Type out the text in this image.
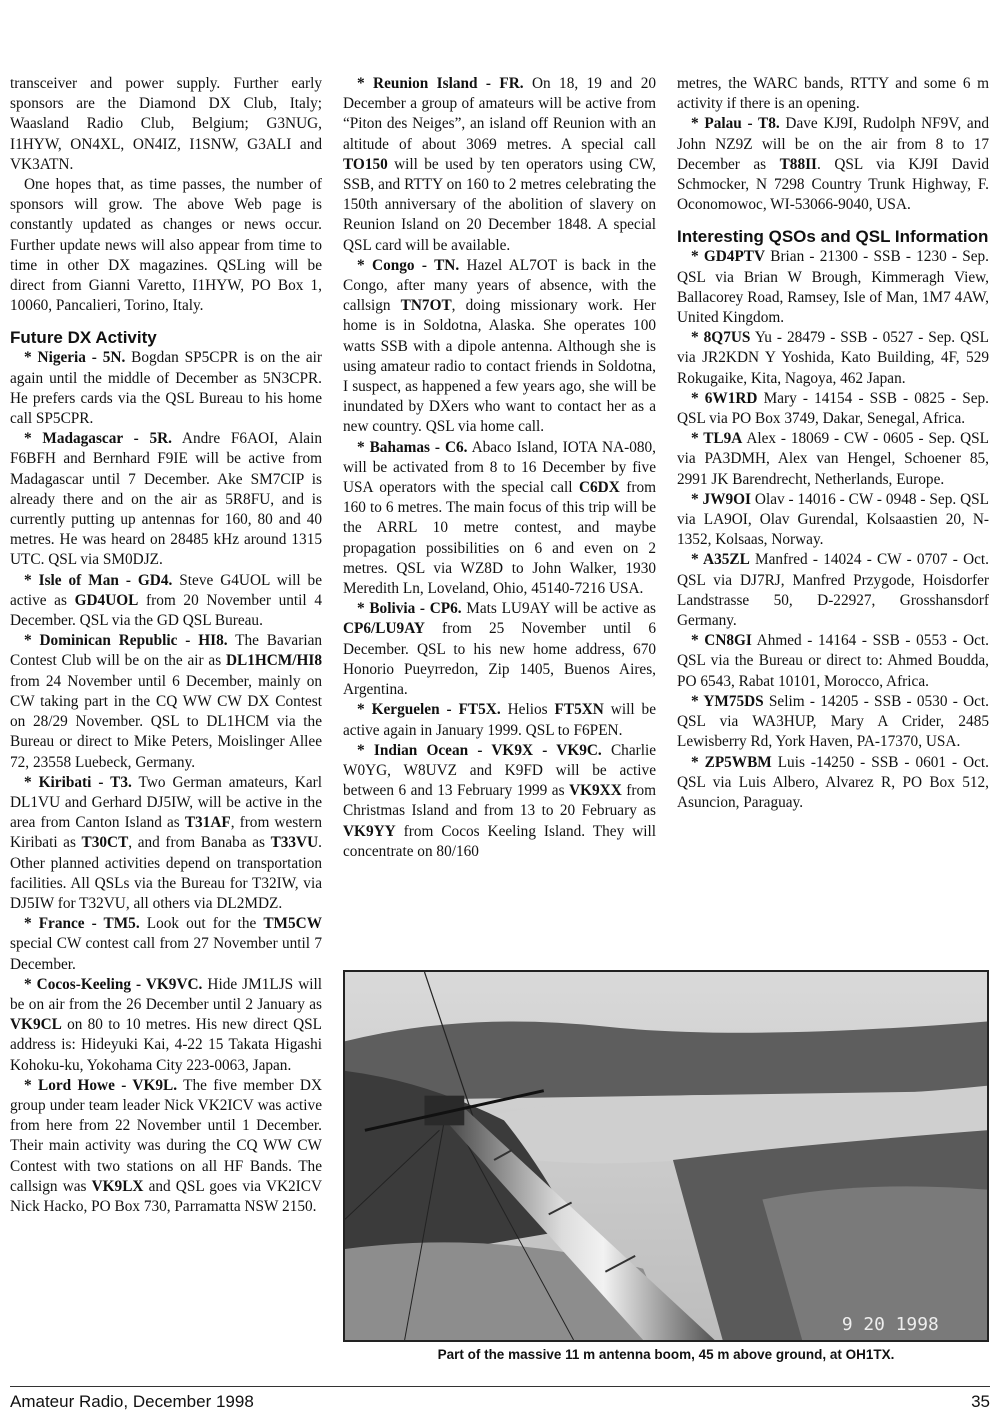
transceiver and power supply. Further early sponsors are the Diamond DX Club, Italy; Waasland Radio Club, Belgium; G3NUG, I1HYW, ON4XL, ON4IZ, I1SNW, G3ALI and VK3ATN.

One hopes that, as time passes, the number of sponsors will grow. The above Web page is constantly updated as changes or news occur. Further update news will also appear from time to time in other DX magazines. QSLing will be direct from Gianni Varetto, I1HYW, PO Box 1, 10060, Pancalieri, Torino, Italy.

Future DX Activity

* Nigeria - 5N. Bogdan SP5CPR is on the air again until the middle of December as 5N3CPR. He prefers cards via the QSL Bureau to his home call SP5CPR.

* Madagascar - 5R. Andre F6AOI, Alain F6BFH and Bernhard F9IE will be active from Madagascar until 7 December. Ake SM7CIP is already there and on the air as 5R8FU, and is currently putting up antennas for 160, 80 and 40 metres. He was heard on 28485 kHz around 1315 UTC. QSL via SM0DJZ.

* Isle of Man - GD4. Steve G4UOL will be active as GD4UOL from 20 November until 4 December. QSL via the GD QSL Bureau.

* Dominican Republic - HI8. The Bavarian Contest Club will be on the air as DL1HCM/HI8 from 24 November until 6 December, mainly on CW taking part in the CQ WW CW DX Contest on 28/29 November. QSL to DL1HCM via the Bureau or direct to Mike Peters, Moislinger Allee 72, 23558 Luebeck, Germany.

* Kiribati - T3. Two German amateurs, Karl DL1VU and Gerhard DJ5IW, will be active in the area from Canton Island as T31AF, from western Kiribati as T30CT, and from Banaba as T33VU. Other planned activities depend on transportation facilities. All QSLs via the Bureau for T32IW, via DJ5IW for T32VU, all others via DL2MDZ.

* France - TM5. Look out for the TM5CW special CW contest call from 27 November until 7 December.

* Cocos-Keeling - VK9VC. Hide JM1LJS will be on air from the 26 December until 2 January as VK9CL on 80 to 10 metres. His new direct QSL address is: Hideyuki Kai, 4-22 15 Takata Higashi Kohoku-ku, Yokohama City 223-0063, Japan.

* Lord Howe - VK9L. The five member DX group under team leader Nick VK2ICV was active from here from 22 November until 1 December. Their main activity was during the CQ WW CW Contest with two stations on all HF Bands. The callsign was VK9LX and QSL goes via VK2ICV Nick Hacko, PO Box 730, Parramatta NSW 2150.

* Reunion Island - FR. On 18, 19 and 20 December a group of amateurs will be active from “Piton des Neiges”, an island off Reunion with an altitude of about 3069 metres. A special call TO150 will be used by ten operators using CW, SSB, and RTTY on 160 to 2 metres celebrating the 150th anniversary of the abolition of slavery on Reunion Island on 20 December 1848. A special QSL card will be available.

* Congo - TN. Hazel AL7OT is back in the Congo, after many years of absence, with the callsign TN7OT, doing missionary work. Her home is in Soldotna, Alaska. She operates 100 watts SSB with a dipole antenna. Although she is using amateur radio to contact friends in Soldotna, I suspect, as happened a few years ago, she will be inundated by DXers who want to contact her as a new country. QSL via home call.

* Bahamas - C6. Abaco Island, IOTA NA-080, will be activated from 8 to 16 December by five USA operators with the special call C6DX from 160 to 6 metres. The main focus of this trip will be the ARRL 10 metre contest, and maybe propagation possibilities on 6 and even on 2 metres. QSL via WZ8D to John Walker, 1930 Meredith Ln, Loveland, Ohio, 45140-7216 USA.

* Bolivia - CP6. Mats LU9AY will be active as CP6/LU9AY from 25 November until 6 December. QSL to his new home address, 670 Honorio Pueyrredon, Zip 1405, Buenos Aires, Argentina.

* Kerguelen - FT5X. Helios FT5XN will be active again in January 1999. QSL to F6PEN.

* Indian Ocean - VK9X - VK9C. Charlie W0YG, W8UVZ and K9FD will be active between 6 and 13 February 1999 as VK9XX from Christmas Island and from 13 to 20 February as VK9YY from Cocos Keeling Island. They will concentrate on 80/160

metres, the WARC bands, RTTY and some 6 m activity if there is an opening.

* Palau - T8. Dave KJ9I, Rudolph NF9V, and John NZ9Z will be on the air from 8 to 17 December as T88II. QSL via KJ9I David Schmocker, N 7298 Country Trunk Highway, F. Oconomowoc, WI-53066-9040, USA.

Interesting QSOs and QSL Information

* GD4PTV Brian - 21300 - SSB - 1230 - Sep. QSL via Brian W Brough, Kimmeragh View, Ballacorey Road, Ramsey, Isle of Man, 1M7 4AW, United Kingdom.

* 8Q7US Yu - 28479 - SSB - 0527 - Sep. QSL via JR2KDN Y Yoshida, Kato Building, 4F, 529 Rokugaike, Kita, Nagoya, 462 Japan.

* 6W1RD Mary - 14154 - SSB - 0825 - Sep. QSL via PO Box 3749, Dakar, Senegal, Africa.

* TL9A Alex - 18069 - CW - 0605 - Sep. QSL via PA3DMH, Alex van Hengel, Schoener 85, 2991 JK Barendrecht, Netherlands, Europe.

* JW9OI Olav - 14016 - CW - 0948 - Sep. QSL via LA9OI, Olav Gurendal, Kolsaastien 20, N-1352, Kolsaas, Norway.

* A35ZL Manfred - 14024 - CW - 0707 - Oct. QSL via DJ7RJ, Manfred Przygode, Hoisdorfer Landstrasse 50, D-22927, Grosshansdorf Germany.

* CN8GI Ahmed - 14164 - SSB - 0553 - Oct. QSL via the Bureau or direct to: Ahmed Boudda, PO 6543, Rabat 10101, Morocco, Africa.

* YM75DS Selim - 14205 - SSB - 0530 - Oct. QSL via WA3HUP, Mary A Crider, 2485 Lewisberry Rd, York Haven, PA-17370, USA.

* ZP5WBM Luis -14250 - SSB - 0601 - Oct. QSL via Luis Albero, Alvarez R, PO Box 512, Asuncion, Paraguay.

9 20 1998
Part of the massive 11 m antenna boom, 45 m above ground, at OH1TX.
Amateur Radio, December 1998	35
